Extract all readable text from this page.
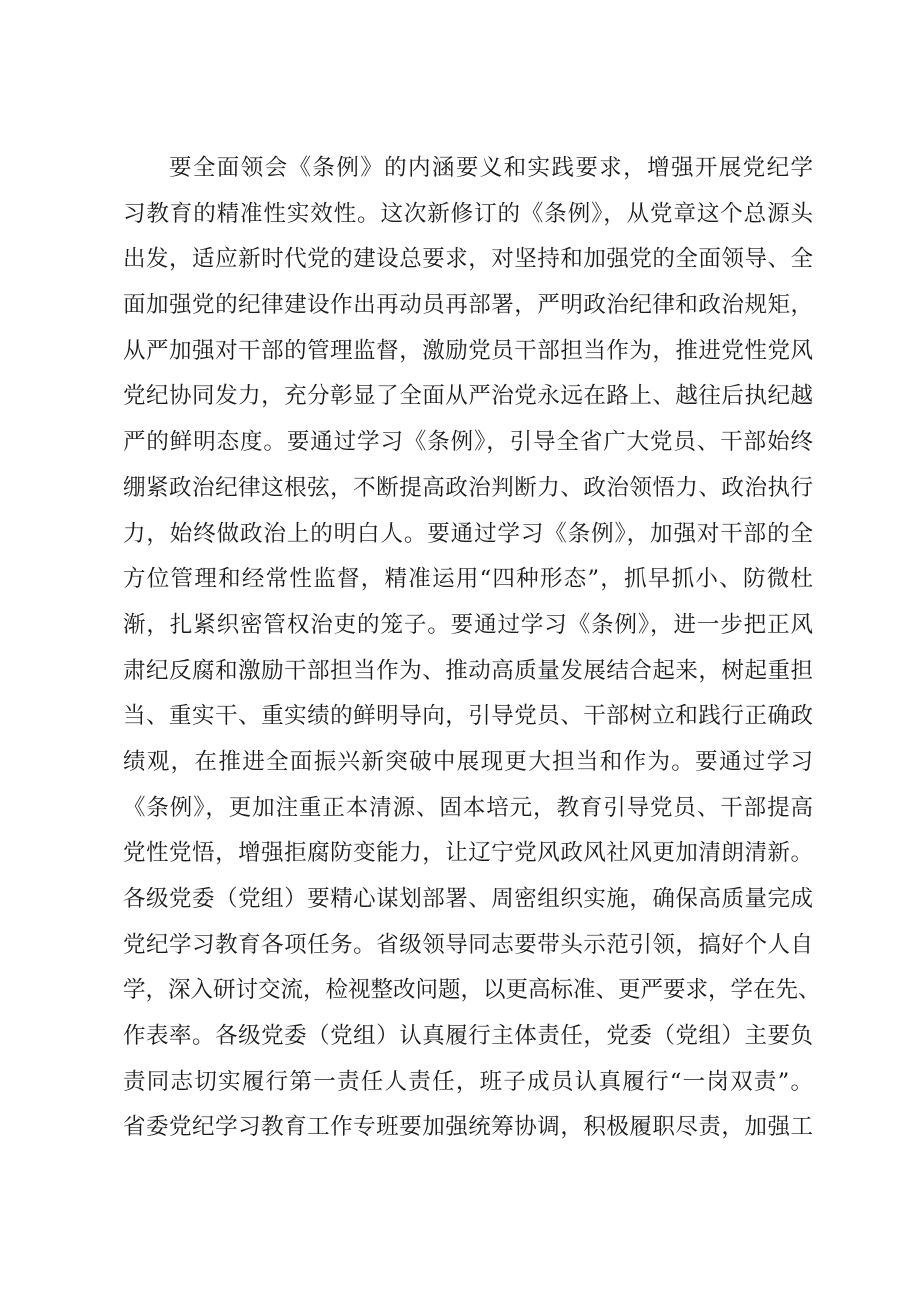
要全面领会《条例》的内涵要义和实践要求，增强开展党纪学
习教育的精准性实效性。这次新修订的《条例》，从党章这个总源头
出发，适应新时代党的建设总要求，对坚持和加强党的全面领导、全
面加强党的纪律建设作出再动员再部署，严明政治纪律和政治规矩，
从严加强对干部的管理监督，激励党员干部担当作为，推进党性党风
党纪协同发力，充分彰显了全面从严治党永远在路上、越往后执纪越
严的鲜明态度。要通过学习《条例》，引导全省广大党员、干部始终
绷紧政治纪律这根弦，不断提高政治判断力、政治领悟力、政治执行
力，始终做政治上的明白人。要通过学习《条例》，加强对干部的全
方位管理和经常性监督，精准运用“四种形态”，抓早抓小、防微杜
渐，扎紧织密管权治吏的笼子。要通过学习《条例》，进一步把正风
肃纪反腐和激励干部担当作为、推动高质量发展结合起来，树起重担
当、重实干、重实绩的鲜明导向，引导党员、干部树立和践行正确政
绩观，在推进全面振兴新突破中展现更大担当和作为。要通过学习
《条例》，更加注重正本清源、固本培元，教育引导党员、干部提高
党性党悟，增强拒腐防变能力，让辽宁党风政风社风更加清朗清新。
各级党委（党组）要精心谋划部署、周密组织实施，确保高质量完成
党纪学习教育各项任务。省级领导同志要带头示范引领，搞好个人自
学，深入研讨交流，检视整改问题，以更高标准、更严要求，学在先、
作表率。各级党委（党组）认真履行主体责任，党委（党组）主要负
责同志切实履行第一责任人责任，班子成员认真履行“一岗双责”。
省委党纪学习教育工作专班要加强统筹协调，积极履职尽责，加强工
